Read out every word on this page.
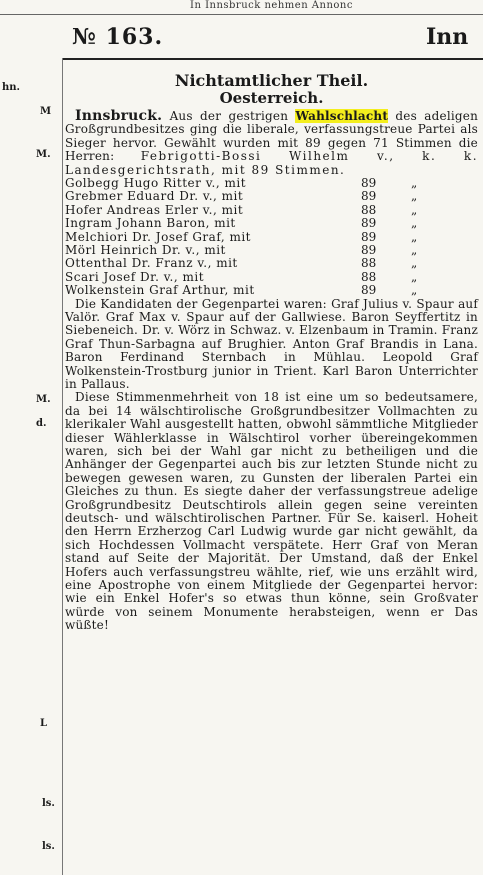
In Innsbruck nehmen Annonc
№ 163.	Inn
hn.
M
M.
M.
d.
L
ls.
ls.

Nichtamtlicher Theil.

Oesterreich.

Innsbruck. Aus der gestrigen Wahlschlacht des adeligen Großgrundbesitzes ging die liberale, verfassungstreue Partei als Sieger hervor. Gewählt wurden mit 89 gegen 71 Stimmen die Herren: Febrigotti-Bossi Wilhelm v., k. k. Landesgerichtsrath, mit 89 Stimmen.

Golbegg Hugo Ritter v., mit	89	„
Grebmer Eduard Dr. v., mit	89	„
Hofer Andreas Erler v., mit	88	„
Ingram Johann Baron, mit	89	„
Melchiori Dr. Josef Graf, mit	89	„
Mörl Heinrich Dr. v., mit	89	„
Ottenthal Dr. Franz v., mit	88	„
Scari Josef Dr. v., mit	88	„
Wolkenstein Graf Arthur, mit	89	„

Die Kandidaten der Gegenpartei waren: Graf Julius v. Spaur auf Valör. Graf Max v. Spaur auf der Gallwiese. Baron Seyffertitz in Siebeneich. Dr. v. Wörz in Schwaz. v. Elzenbaum in Tramin. Franz Graf Thun-Sarbagna auf Brughier. Anton Graf Brandis in Lana. Baron Ferdinand Sternbach in Mühlau. Leopold Graf Wolkenstein-Trostburg junior in Trient. Karl Baron Unterrichter in Pallaus.

Diese Stimmenmehrheit von 18 ist eine um so bedeutsamere, da bei 14 wälschtirolische Großgrundbesitzer Vollmachten zu klerikaler Wahl ausgestellt hatten, obwohl sämmtliche Mitglieder dieser Wählerklasse in Wälschtirol vorher übereingekommen waren, sich bei der Wahl gar nicht zu betheiligen und die Anhänger der Gegenpartei auch bis zur letzten Stunde nicht zu bewegen gewesen waren, zu Gunsten der liberalen Partei ein Gleiches zu thun. Es siegte daher der verfassungstreue adelige Großgrundbesitz Deutschtirols allein gegen seine vereinten deutsch- und wälschtirolischen Partner. Für Se. kaiserl. Hoheit den Herrn Erzherzog Carl Ludwig wurde gar nicht gewählt, da sich Hochdessen Vollmacht verspätete. Herr Graf von Meran stand auf Seite der Majorität. Der Umstand, daß der Enkel Hofers auch verfassungstreu wählte, rief, wie uns erzählt wird, eine Apostrophe von einem Mitgliede der Gegenpartei hervor: wie ein Enkel Hofer's so etwas thun könne, sein Großvater würde von seinem Monumente herabsteigen, wenn er Das wüßte!
